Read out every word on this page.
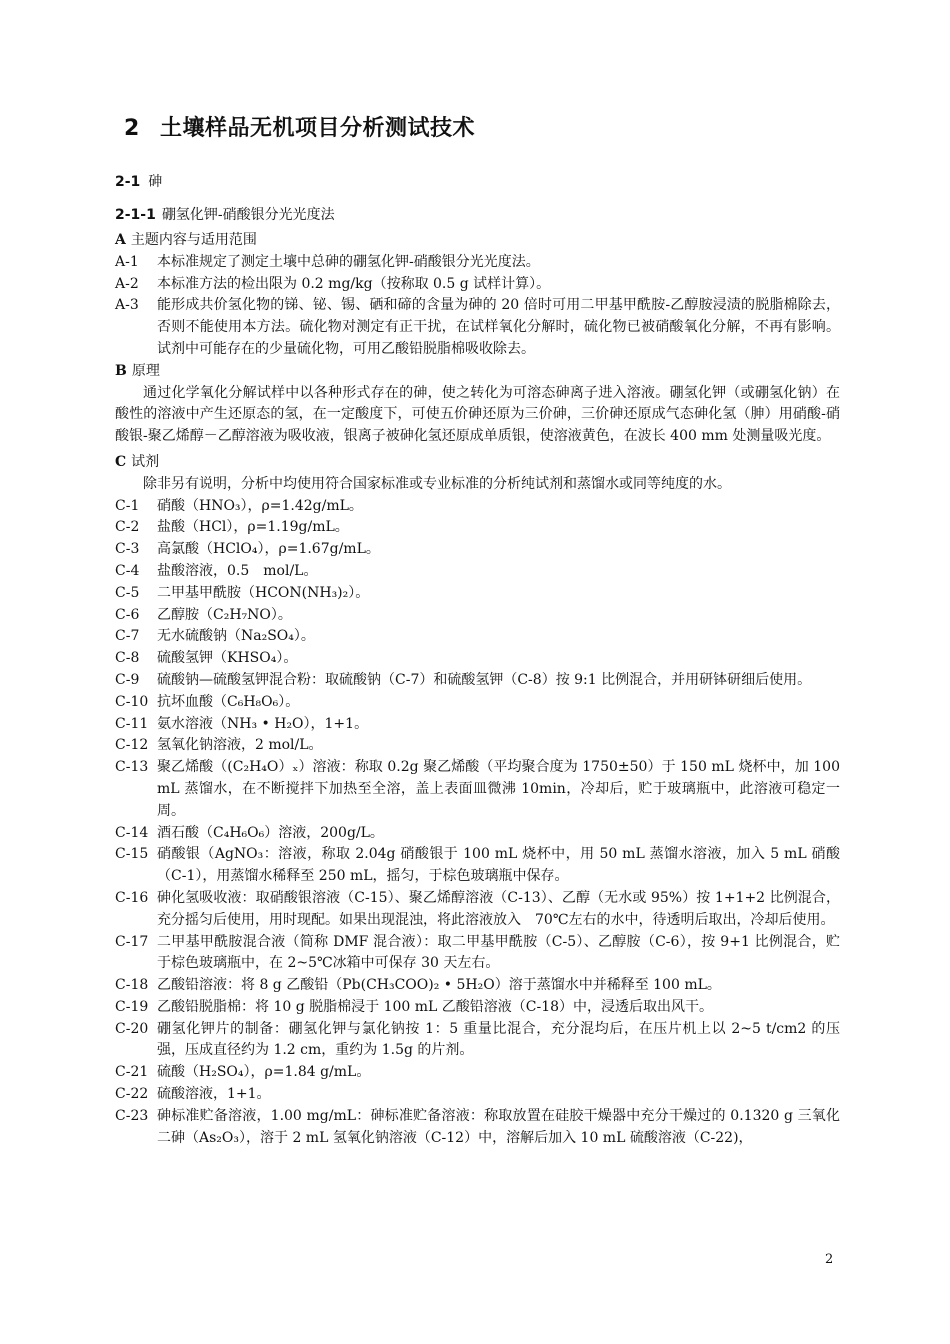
2 土壤样品无机项目分析测试技术
2-1 砷
2-1-1 硼氢化钾-硝酸银分光光度法
A 主题内容与适用范围
A-1	本标准规定了测定土壤中总砷的硼氢化钾-硝酸银分光光度法。
A-2	本标准方法的检出限为 0.2 mg/kg（按称取 0.5 g 试样计算）。
A-3	能形成共价氢化物的锑、铋、锡、硒和碲的含量为砷的 20 倍时可用二甲基甲酰胺-乙醇胺浸渍的脱脂棉除去，否则不能使用本方法。硫化物对测定有正干扰，在试样氧化分解时，硫化物已被硝酸氧化分解，不再有影响。试剂中可能存在的少量硫化物，可用乙酸铅脱脂棉吸收除去。
B 原理

通过化学氧化分解试样中以各种形式存在的砷，使之转化为可溶态砷离子进入溶液。硼氢化钾（或硼氢化钠）在酸性的溶液中产生还原态的氢，在一定酸度下，可使五价砷还原为三价砷，三价砷还原成气态砷化氢（胂）用硝酸-硝酸银-聚乙烯醇－乙醇溶液为吸收液，银离子被砷化氢还原成单质银，使溶液黄色，在波长 400 mm 处测量吸光度。

C 试剂

除非另有说明，分析中均使用符合国家标准或专业标准的分析纯试剂和蒸馏水或同等纯度的水。

C-1	硝酸（HNO₃），ρ=1.42g/mL。
C-2	盐酸（HCl），ρ=1.19g/mL。
C-3	高氯酸（HClO₄），ρ=1.67g/mL。
C-4	盐酸溶液，0.5　mol/L。
C-5	二甲基甲酰胺（HCON(NH₃)₂）。
C-6	乙醇胺（C₂H₇NO）。
C-7	无水硫酸钠（Na₂SO₄）。
C-8	硫酸氢钾（KHSO₄）。
C-9	硫酸钠—硫酸氢钾混合粉：取硫酸钠（C-7）和硫酸氢钾（C-8）按 9:1 比例混合，并用研钵研细后使用。
C-10 抗坏血酸（C₆H₈O₆）。
C-11 氨水溶液（NH₃ • H₂O），1+1。
C-12 氢氧化钠溶液，2 mol/L。
C-13 聚乙烯酸（(C₂H₄O）ₓ）溶液：称取 0.2g 聚乙烯酸（平均聚合度为 1750±50）于 150 mL 烧杯中，加 100 mL 蒸馏水，在不断搅拌下加热至全溶，盖上表面皿微沸 10min，冷却后，贮于玻璃瓶中，此溶液可稳定一周。
C-14 酒石酸（C₄H₆O₆）溶液，200g/L。
C-15 硝酸银（AgNO₃：溶液，称取 2.04g 硝酸银于 100 mL 烧杯中，用 50 mL 蒸馏水溶液，加入 5 mL 硝酸（C-1），用蒸馏水稀释至 250 mL，摇匀，于棕色玻璃瓶中保存。
C-16 砷化氢吸收液：取硝酸银溶液（C-15）、聚乙烯醇溶液（C-13）、乙醇（无水或 95%）按 1+1+2 比例混合，充分摇匀后使用，用时现配。如果出现混浊，将此溶液放入　70℃左右的水中，待透明后取出，冷却后使用。
C-17 二甲基甲酰胺混合液（简称 DMF 混合液）：取二甲基甲酰胺（C-5）、乙醇胺（C-6），按 9+1 比例混合，贮于棕色玻璃瓶中，在 2~5℃冰箱中可保存 30 天左右。
C-18 乙酸铅溶液：将 8 g 乙酸铅（Pb(CH₃COO)₂ • 5H₂O）溶于蒸馏水中并稀释至 100 mL。
C-19 乙酸铅脱脂棉：将 10 g 脱脂棉浸于 100 mL 乙酸铅溶液（C-18）中，浸透后取出风干。
C-20 硼氢化钾片的制备：硼氢化钾与氯化钠按 1：5 重量比混合，充分混均后，在压片机上以 2~5 t/cm2 的压强，压成直径约为 1.2 cm，重约为 1.5g 的片剂。
C-21 硫酸（H₂SO₄），ρ=1.84 g/mL。
C-22 硫酸溶液，1+1。
C-23 砷标准贮备溶液，1.00 mg/mL：砷标准贮备溶液：称取放置在硅胶干燥器中充分干燥过的 0.1320 g 三氧化二砷（As₂O₃），溶于 2 mL 氢氧化钠溶液（C-12）中，溶解后加入 10 mL 硫酸溶液（C-22)，
2
